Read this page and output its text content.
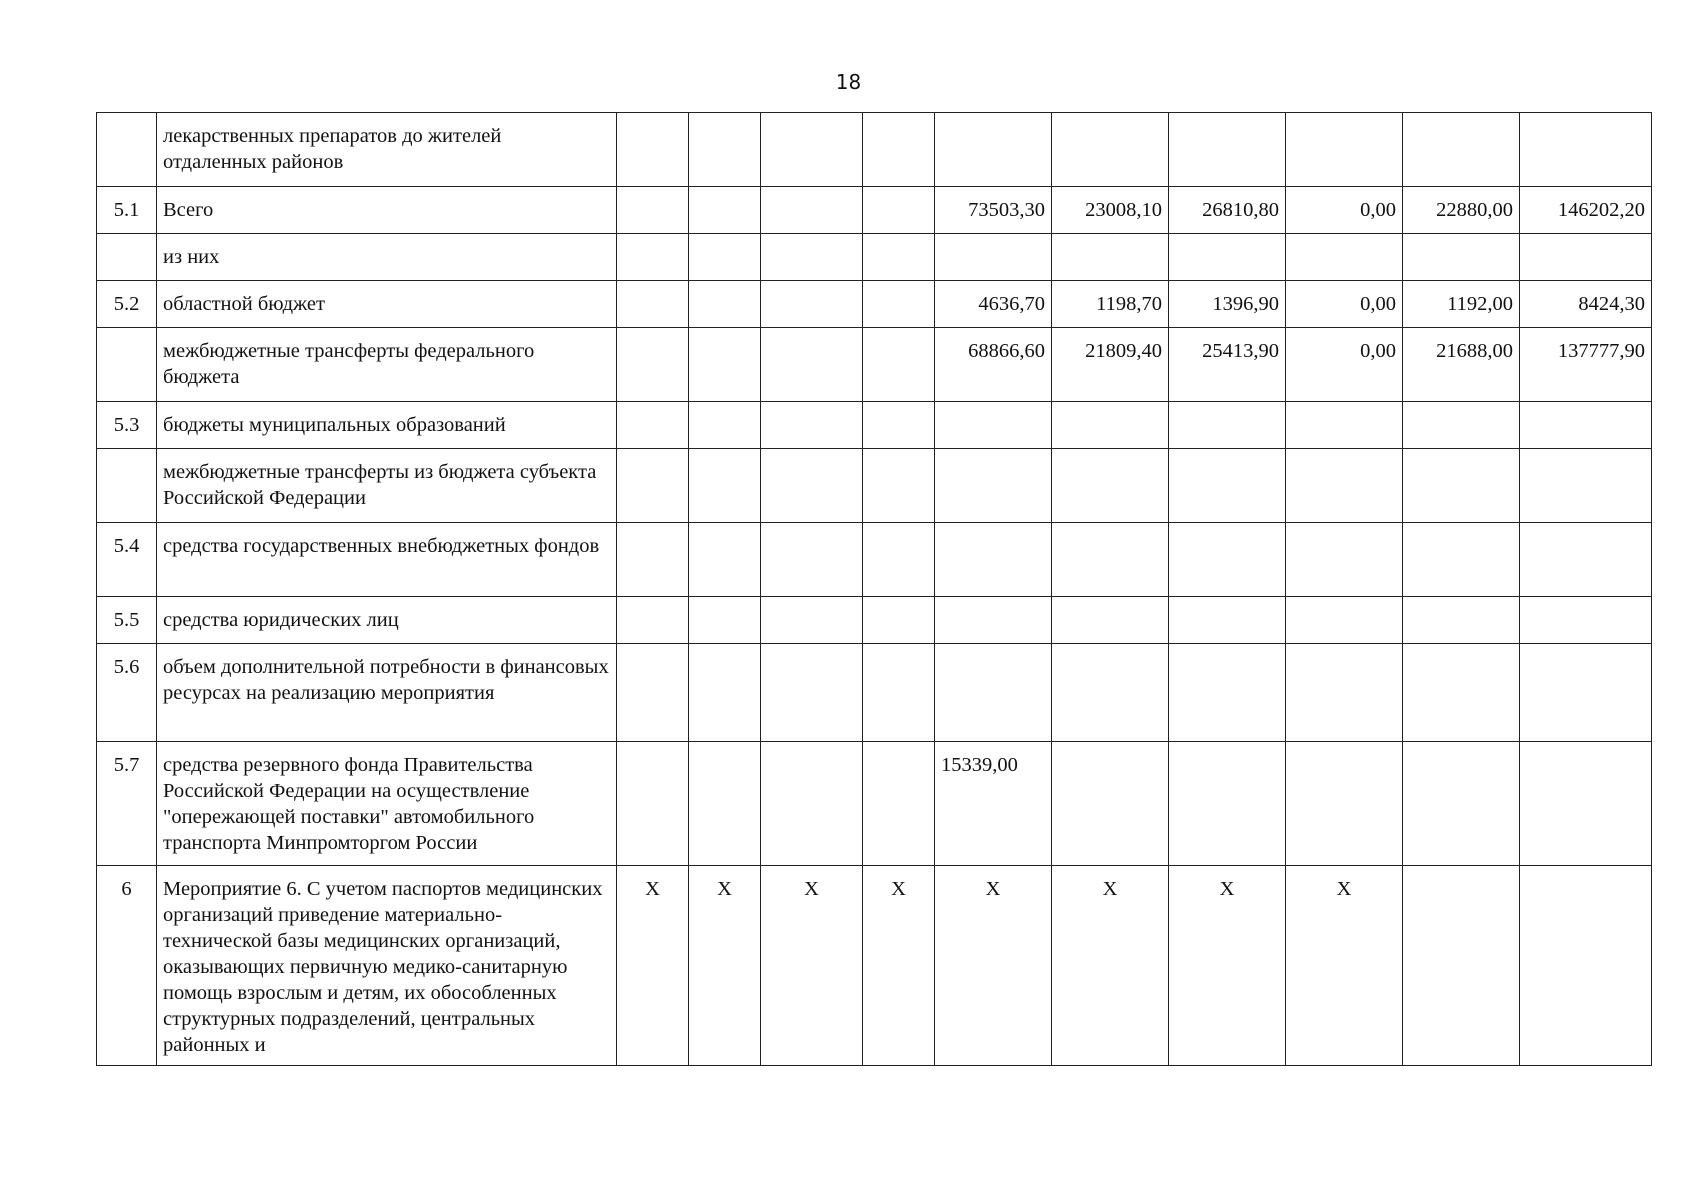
18
	лекарственных препаратов до жителей отдаленных районов										
5.1	Всего					73503,30	23008,10	26810,80	0,00	22880,00	146202,20
	из них										
5.2	областной бюджет					4636,70	1198,70	1396,90	0,00	1192,00	8424,30
	межбюджетные трансферты федерального бюджета					68866,60	21809,40	25413,90	0,00	21688,00	137777,90
5.3	бюджеты муниципальных образований										
	межбюджетные трансферты из бюджета субъекта Российской Федерации										
5.4	средства государственных внебюджетных фондов										
5.5	средства юридических лиц										
5.6	объем дополнительной потребности в финансовых ресурсах на реализацию мероприятия										
5.7	средства резервного фонда Правительства Российской Федерации на осуществление "опережающей поставки" автомобильного транспорта Минпромторгом России					15339,00					
6	Мероприятие 6. С учетом паспортов медицинских организаций приведение материально-технической базы медицинских организаций, оказывающих первичную медико-санитарную помощь взрослым и детям, их обособленных структурных подразделений, центральных районных и	Х	Х	Х	Х	Х	Х	Х	Х		
